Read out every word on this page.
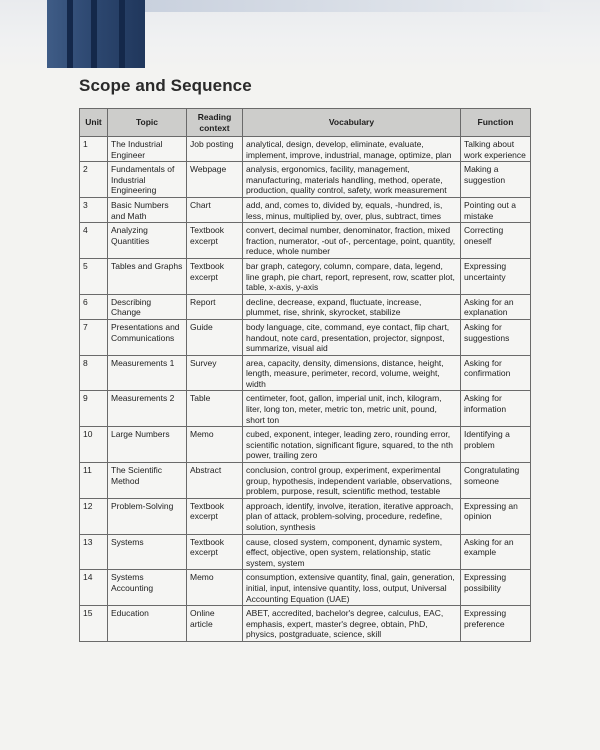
Scope and Sequence
Unit	Topic	Reading context	Vocabulary	Function
1	The Industrial Engineer	Job posting	analytical, design, develop, eliminate, evaluate, implement, improve, industrial, manage, optimize, plan	Talking about work experience
2	Fundamentals of Industrial Engineering	Webpage	analysis, ergonomics, facility, management, manufacturing, materials handling, method, operate, production, quality control, safety, work measurement	Making a suggestion
3	Basic Numbers and Math	Chart	add, and, comes to, divided by, equals, -hundred, is, less, minus, multiplied by, over, plus, subtract, times	Pointing out a mistake
4	Analyzing Quantities	Textbook excerpt	convert, decimal number, denominator, fraction, mixed fraction, numerator, -out of-, percentage, point, quantity, reduce, whole number	Correcting oneself
5	Tables and Graphs	Textbook excerpt	bar graph, category, column, compare, data, legend, line graph, pie chart, report, represent, row, scatter plot, table, x-axis, y-axis	Expressing uncertainty
6	Describing Change	Report	decline, decrease, expand, fluctuate, increase, plummet, rise, shrink, skyrocket, stabilize	Asking for an explanation
7	Presentations and Communications	Guide	body language, cite, command, eye contact, flip chart, handout, note card, presentation, projector, signpost, summarize, visual aid	Asking for suggestions
8	Measurements 1	Survey	area, capacity, density, dimensions, distance, height, length, measure, perimeter, record, volume, weight, width	Asking for confirmation
9	Measurements 2	Table	centimeter, foot, gallon, imperial unit, inch, kilogram, liter, long ton, meter, metric ton, metric unit, pound, short ton	Asking for information
10	Large Numbers	Memo	cubed, exponent, integer, leading zero, rounding error, scientific notation, significant figure, squared, to the nth power, trailing zero	Identifying a problem
11	The Scientific Method	Abstract	conclusion, control group, experiment, experimental group, hypothesis, independent variable, observations, problem, purpose, result, scientific method, testable	Congratulating someone
12	Problem-Solving	Textbook excerpt	approach, identify, involve, iteration, iterative approach, plan of attack, problem-solving, procedure, redefine, solution, synthesis	Expressing an opinion
13	Systems	Textbook excerpt	cause, closed system, component, dynamic system, effect, objective, open system, relationship, static system, system	Asking for an example
14	Systems Accounting	Memo	consumption, extensive quantity, final, gain, generation, initial, input, intensive quantity, loss, output, Universal Accounting Equation (UAE)	Expressing possibility
15	Education	Online article	ABET, accredited, bachelor's degree, calculus, EAC, emphasis, expert, master's degree, obtain, PhD, physics, postgraduate, science, skill	Expressing preference
